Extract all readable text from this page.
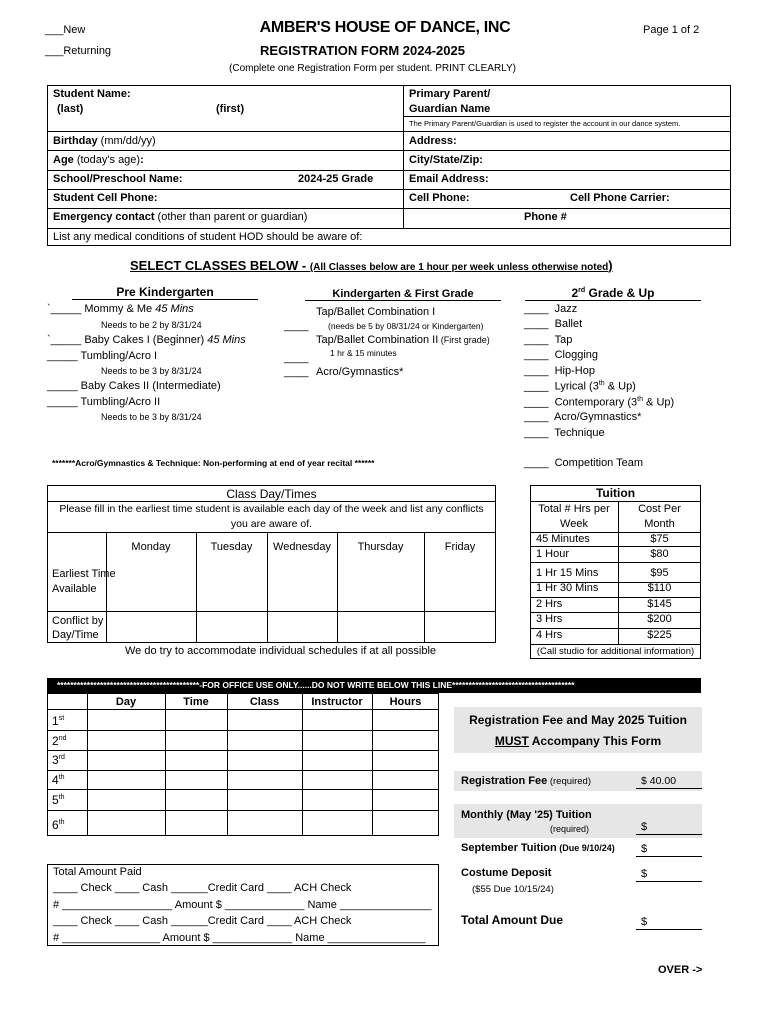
___New
___Returning
AMBER'S HOUSE OF DANCE, INC
REGISTRATION FORM 2024-2025
(Complete one Registration Form per student. PRINT CLEARLY)
Page 1 of 2
Student Name:
(last)	(first)
Primary Parent/
Guardian Name
The Primary Parent/Guardian is used to register the account in our dance system.
Birthday (mm/dd/yy)	Address:
Age (today's age):	City/State/Zip:
School/Preschool Name:	2024-25 Grade	Email Address:
Student Cell Phone:	Cell Phone:	Cell Phone Carrier:
Emergency contact (other than parent or guardian)	Phone #
List any medical conditions of student HOD should be aware of:
SELECT CLASSES BELOW - (All Classes below are 1 hour per week unless otherwise noted)
Pre Kindergarten
`_____ Mommy & Me 45 Mins
Needs to be 2 by 8/31/24
`_____ Baby Cakes I (Beginner) 45 Mins
_____ Tumbling/Acro I
Needs to be 3 by 8/31/24
_____ Baby Cakes II (Intermediate)
_____ Tumbling/Acro II
Needs to be 3 by 8/31/24
Kindergarten & First Grade
Tap/Ballet Combination I
____ (needs be 5 by 08/31/24 or Kindergarten)
Tap/Ballet Combination II (First grade)
1 hr & 15 minutes
____
____ Acro/Gymnastics*
2rd Grade & Up
____ Jazz
____ Ballet
____ Tap
____ Clogging
____ Hip-Hop
____ Lyrical (3th & Up)
____ Contemporary (3th & Up)
____ Acro/Gymnastics*
____ Technique
____ Competition Team
*******Acro/Gymnastics & Technique: Non-performing at end of year recital ******
Class Day/Times
Please fill in the earliest time student is available each day of the week and list any conflicts
you are aware of.
Monday	Tuesday	Wednesday	Thursday	Friday
Earliest Time
Available
Conflict by
Day/Time
We do try to accommodate individual schedules if at all possible
Tuition
Total # Hrs per
Week
Cost Per
Month
45 Minutes	$75
1 Hour	$80
1 Hr 15 Mins	$95
1 Hr 30 Mins	$110
2 Hrs	$145
3 Hrs	$200
4 Hrs	$225
(Call studio for additional information)
*******************************************-FOR OFFICE USE ONLY......DO NOT WRITE BELOW THIS LINE*************************************
Day	Time	Class	Instructor	Hours
1st
2nd
3rd
4th
5th
6th
Total Amount Paid
____ Check ____ Cash ______Credit Card ____ ACH Check
# __________________ Amount $ _____________ Name _______________
____ Check ____ Cash ______Credit Card ____ ACH Check
# ________________ Amount $ _____________ Name ________________
Registration Fee and May 2025 Tuition
MUST Accompany This Form
Registration Fee (required)	$ 40.00
Monthly (May '25) Tuition
(required)	$
September Tuition (Due 9/10/24) $
Costume Deposit
($55 Due 10/15/24)
$
Total Amount Due	$
OVER ->
